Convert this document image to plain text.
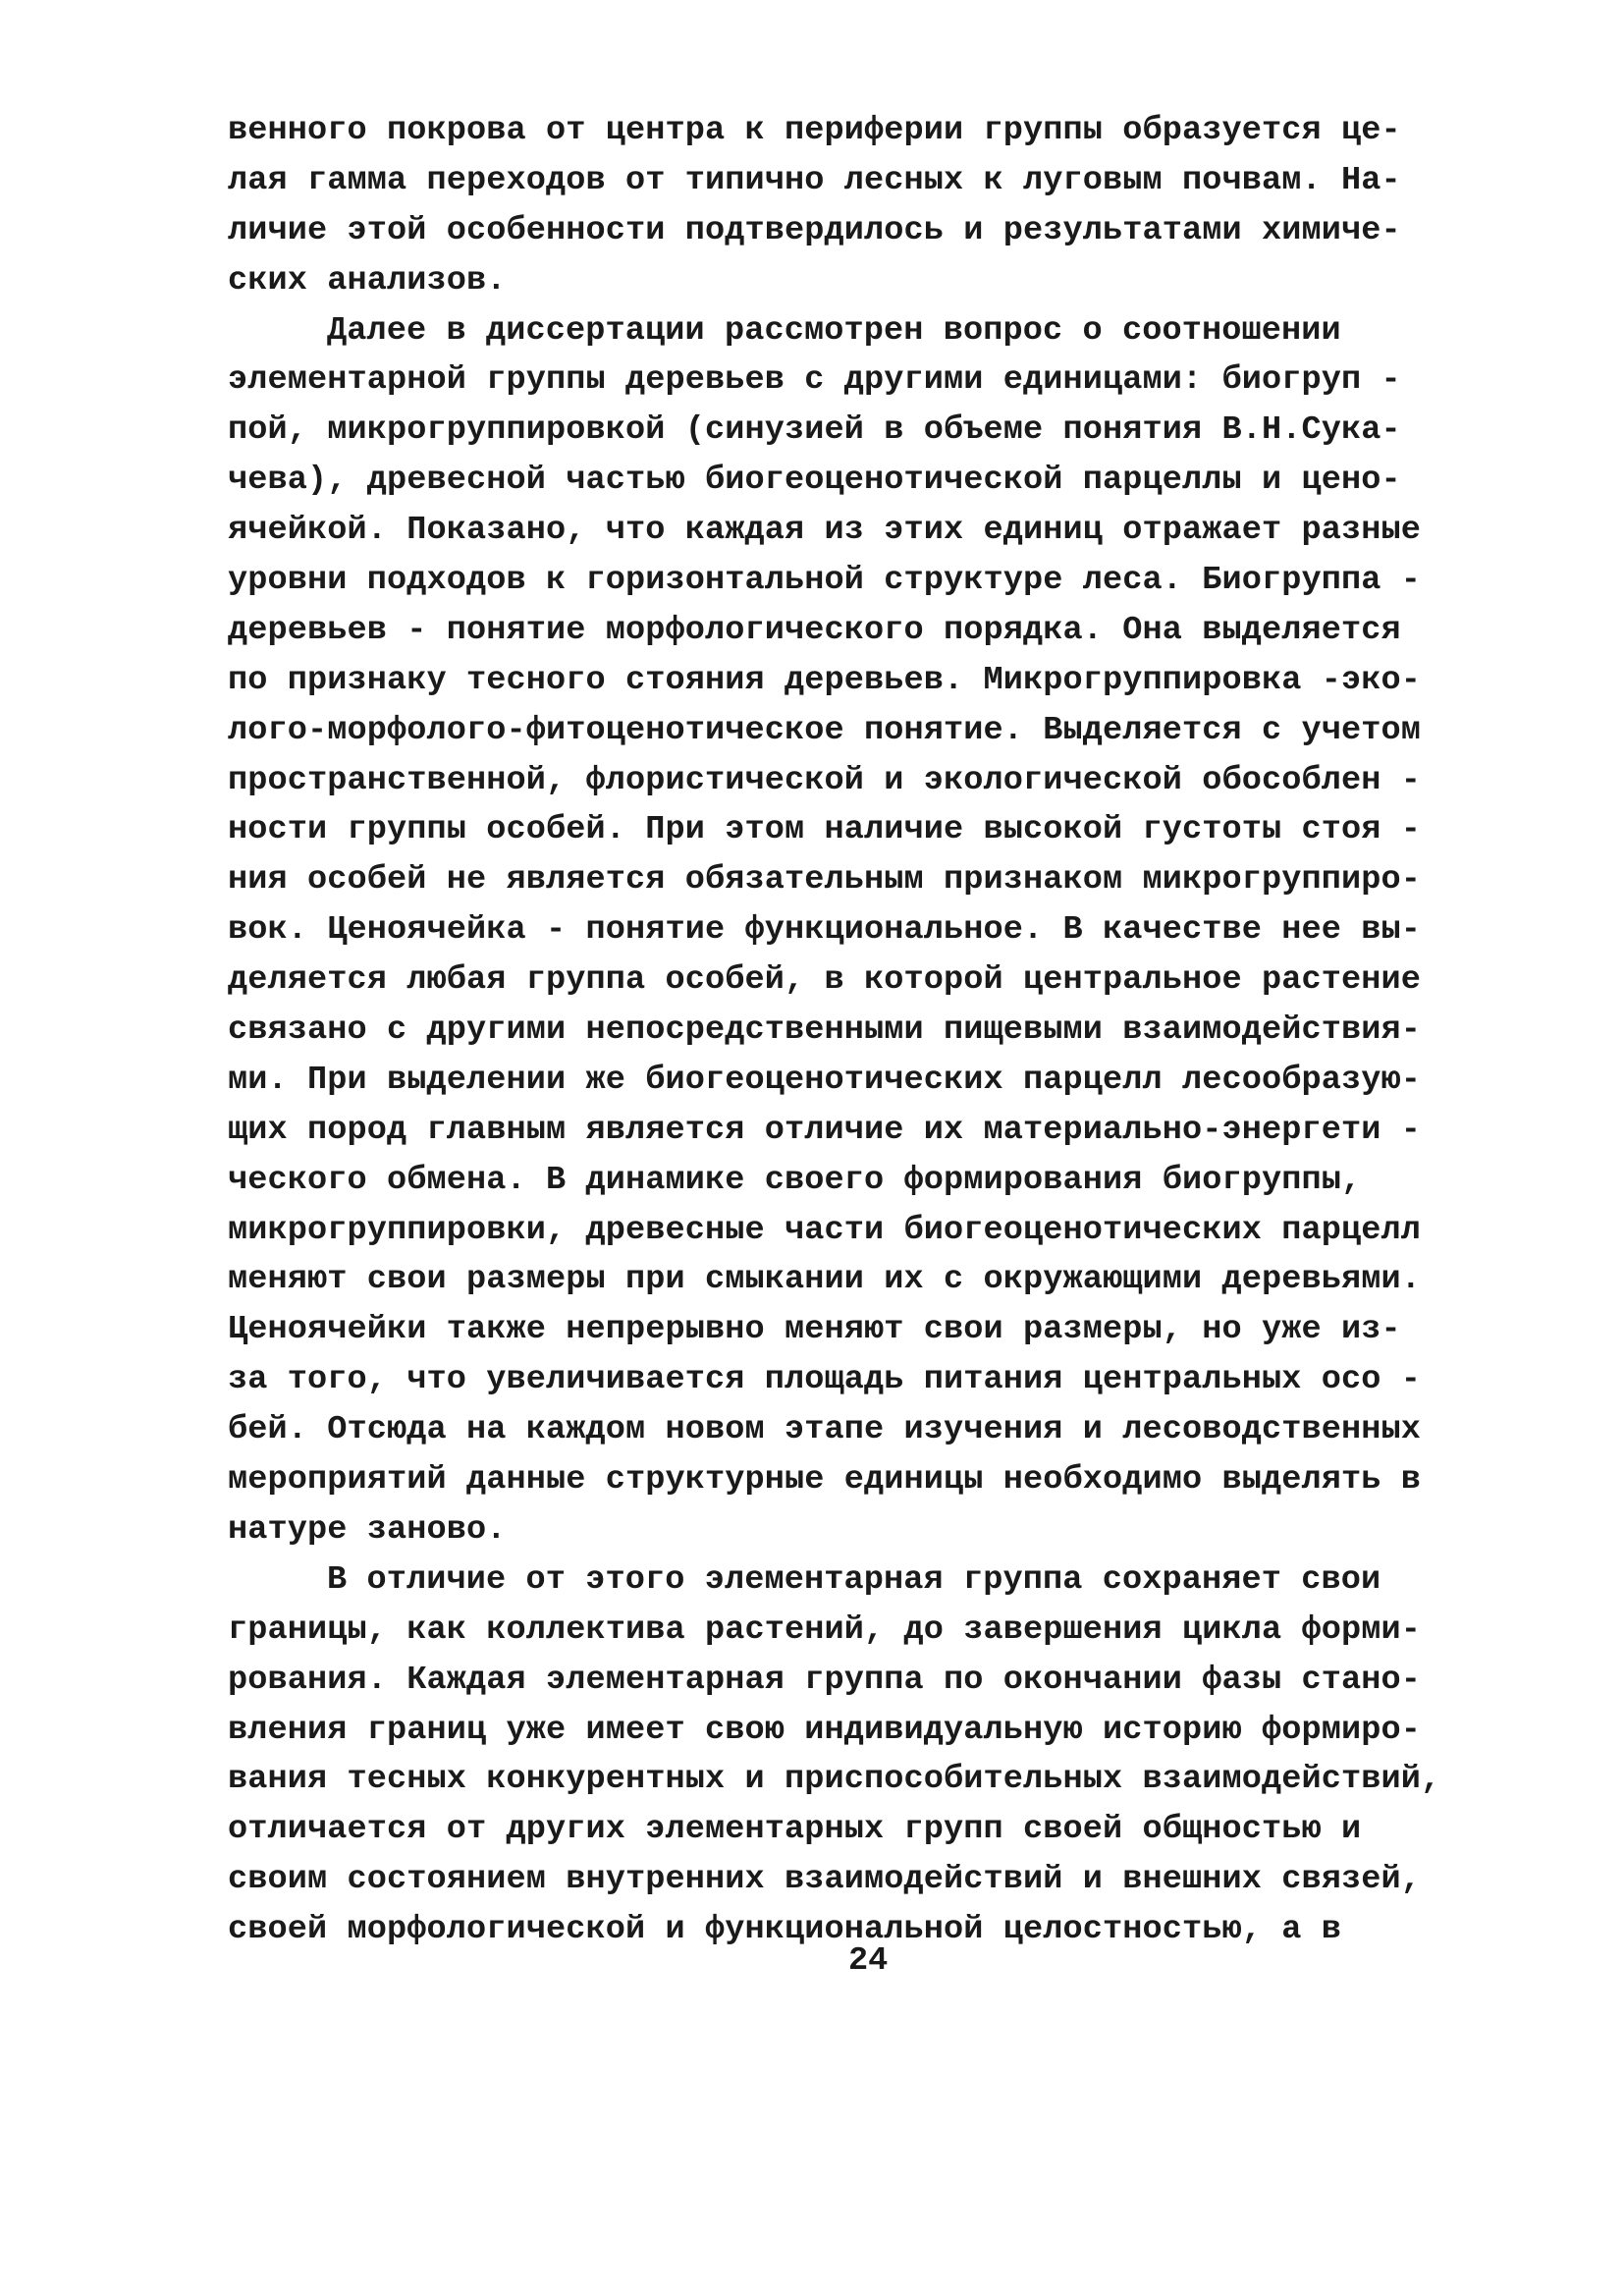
венного покрова от центра к периферии группы образуется це-
лая гамма переходов от типично лесных к луговым почвам. На-
личие этой особенности подтвердилось и результатами химиче-
ских анализов.
Далее в диссертации рассмотрен вопрос о соотношении
элементарной группы деревьев с другими единицами: биогруп -
пой, микрогруппировкой (синузией в объеме понятия В.Н.Сука-
чева), древесной частью биогеоценотической парцеллы и цено-
ячейкой. Показано, что каждая из этих единиц отражает разные
уровни подходов к горизонтальной структуре леса. Биогруппа -
деревьев - понятие морфологического порядка. Она выделяется
по признаку тесного стояния деревьев. Микрогруппировка -эко-
лого-морфолого-фитоценотическое понятие. Выделяется с учетом
пространственной, флористической и экологической обособлен -
ности группы особей. При этом наличие высокой густоты стоя -
ния особей не является обязательным признаком микрогруппиро-
вок. Ценоячейка - понятие функциональное. В качестве нее вы-
деляется любая группа особей, в которой центральное растение
связано с другими непосредственными пищевыми взаимодействия-
ми. При выделении же биогеоценотических парцелл лесообразую-
щих пород главным является отличие их материально-энергети -
ческого обмена. В динамике своего формирования биогруппы,
микрогруппировки, древесные части биогеоценотических парцелл
меняют свои размеры при смыкании их с окружающими деревьями.
Ценоячейки также непрерывно меняют свои размеры, но уже из-
за того, что увеличивается площадь питания центральных осо -
бей. Отсюда на каждом новом этапе изучения и лесоводственных
мероприятий данные структурные единицы необходимо выделять в
натуре заново.
В отличие от этого элементарная группа сохраняет свои
границы, как коллектива растений, до завершения цикла форми-
рования. Каждая элементарная группа по окончании фазы стано-
вления границ уже имеет свою индивидуальную историю формиро-
вания тесных конкурентных и приспособительных взаимодействий,
отличается от других элементарных групп своей общностью и
своим состоянием внутренних взаимодействий и внешних связей,
своей морфологической и функциональной целостностью, а в
24
